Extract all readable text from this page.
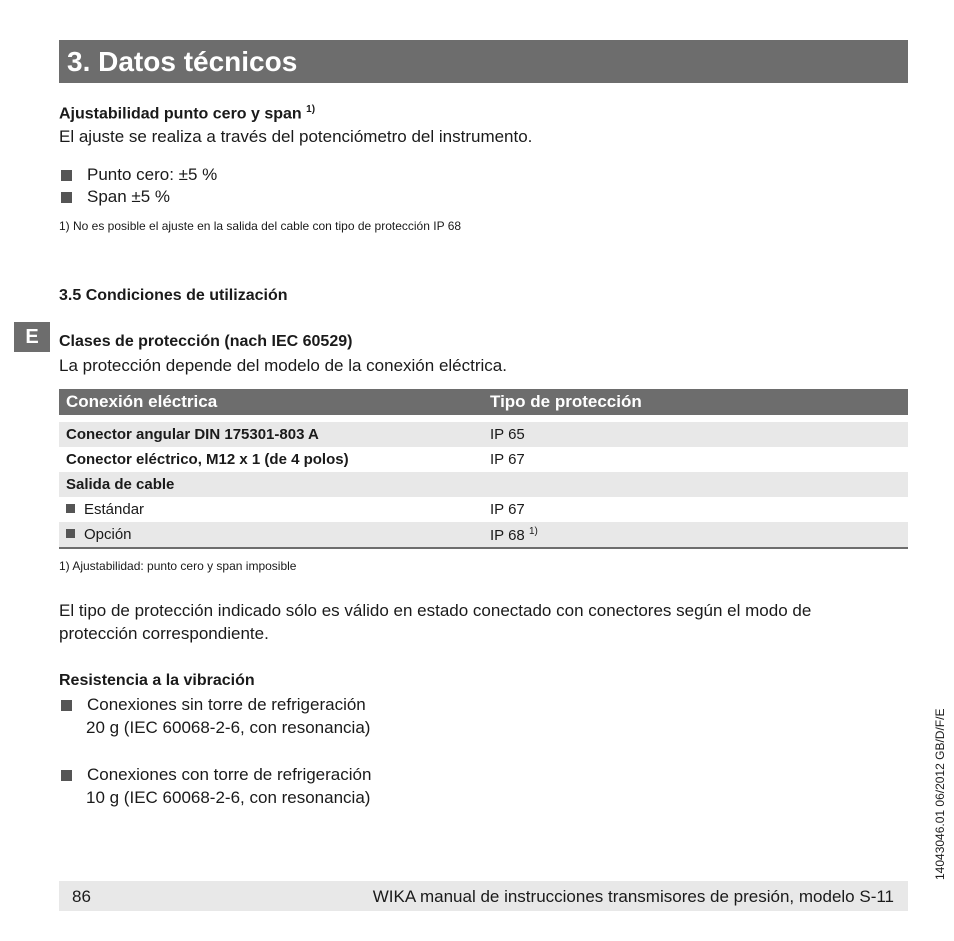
3. Datos técnicos
E
Ajustabilidad punto cero y span $^{1)}$
El ajuste se realiza a través del potenciómetro del instrumento.
Punto cero: ±5 %
Span ±5 %
1) No es posible el ajuste en la salida del cable con tipo de protección IP 68
3.5 Condiciones de utilización
Clases de protección (nach IEC 60529)
La protección depende del modelo de la conexión eléctrica.
Conexión eléctrica	Tipo de protección
Conector angular DIN 175301-803 A	IP 65
Conector eléctrico, M12 x 1 (de 4 polos)	IP 67
Salida de cable
Estándar	IP 67
Opción	IP 68 $^{1)}$
1) Ajustabilidad: punto cero y span imposible
El tipo de protección indicado sólo es válido en estado conectado con conectores según el modo de
protección correspondiente.
Resistencia a la vibración
Conexiones sin torre de refrigeración
20 g (IEC 60068-2-6, con resonancia)
Conexiones con torre de refrigeración
10 g (IEC 60068-2-6, con resonancia)	14043046.01 06/2012 GB/D/F/E
86	WIKA manual de instrucciones transmisores de presión, modelo S-11
